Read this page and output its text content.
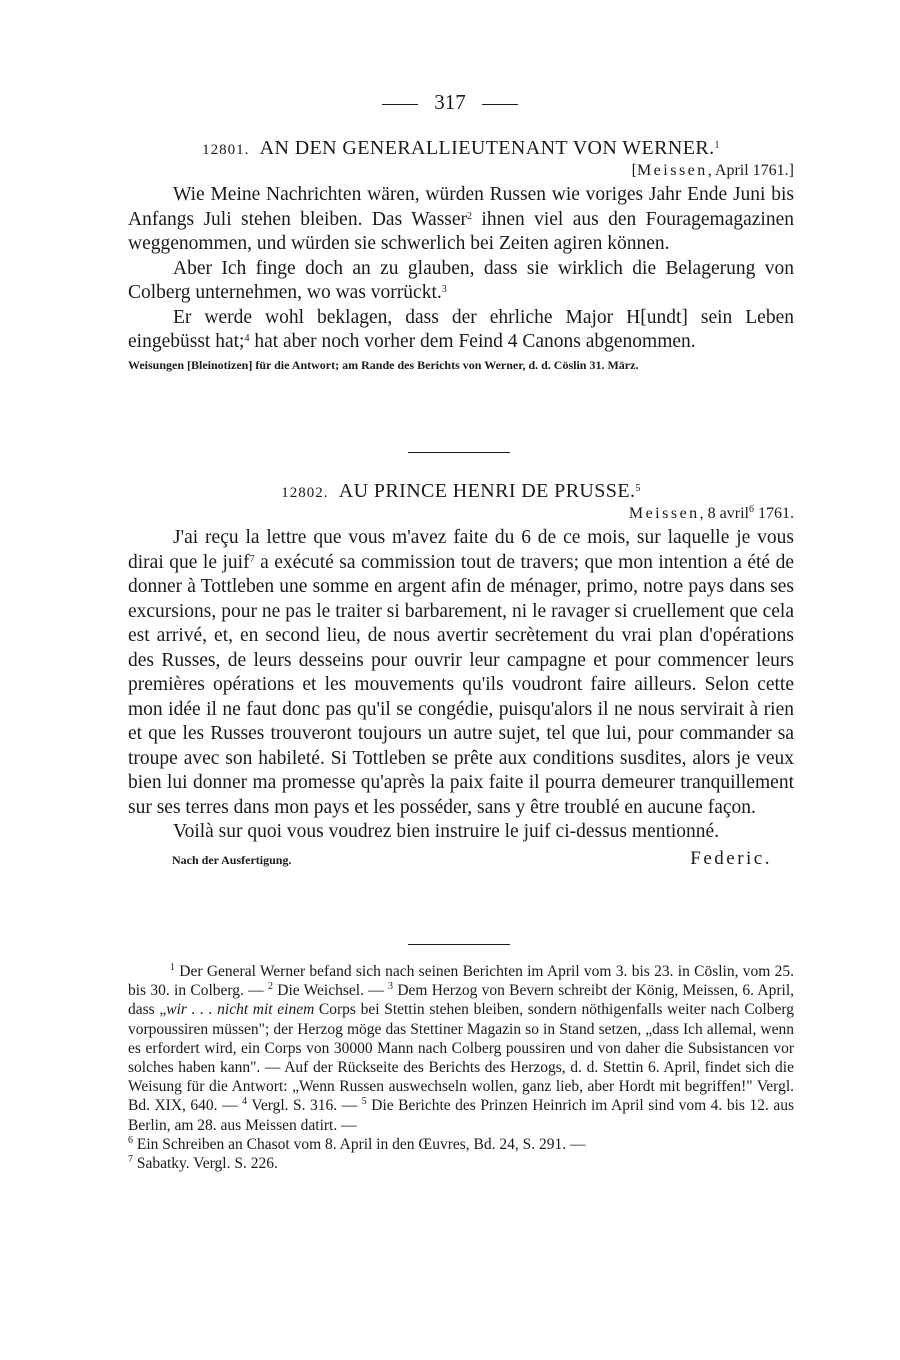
317
12801. AN DEN GENERALLIEUTENANT VON WERNER.$^1$
[Meissen, April 1761.]

Wie Meine Nachrichten wären, würden Russen wie voriges Jahr Ende Juni bis Anfangs Juli stehen bleiben. Das Wasser$^2$ ihnen viel aus den Fouragemagazinen weggenommen, und würden sie schwerlich bei Zeiten agiren können.

Aber Ich finge doch an zu glauben, dass sie wirklich die Belagerung von Colberg unternehmen, wo was vorrückt.$^3$

Er werde wohl beklagen, dass der ehrliche Major H[undt] sein Leben eingebüsst hat;$^4$ hat aber noch vorher dem Feind 4 Canons abgenommen.

Weisungen [Bleinotizen] für die Antwort; am Rande des Berichts von Werner, d. d. Cöslin 31. März.
12802. AU PRINCE HENRI DE PRUSSE.$^5$
Meissen, 8 avril$^6$ 1761.

J'ai reçu la lettre que vous m'avez faite du 6 de ce mois, sur laquelle je vous dirai que le juif$^7$ a exécuté sa commission tout de travers; que mon intention a été de donner à Tottleben une somme en argent afin de ménager, primo, notre pays dans ses excursions, pour ne pas le traiter si barbarement, ni le ravager si cruellement que cela est arrivé, et, en second lieu, de nous avertir secrètement du vrai plan d'opérations des Russes, de leurs desseins pour ouvrir leur campagne et pour commencer leurs premières opérations et les mouvements qu'ils voudront faire ailleurs. Selon cette mon idée il ne faut donc pas qu'il se congédie, puisqu'alors il ne nous servirait à rien et que les Russes trouveront toujours un autre sujet, tel que lui, pour commander sa troupe avec son habileté. Si Tottleben se prête aux conditions susdites, alors je veux bien lui donner ma promesse qu'après la paix faite il pourra demeurer tranquillement sur ses terres dans mon pays et les posséder, sans y être troublé en aucune façon.

Voilà sur quoi vous voudrez bien instruire le juif ci-dessus mentionné.

Nach der Ausfertigung.	Federic.
$^1$ Der General Werner befand sich nach seinen Berichten im April vom 3. bis 23. in Cöslin, vom 25. bis 30. in Colberg. — $^2$ Die Weichsel. — $^3$ Dem Herzog von Bevern schreibt der König, Meissen, 6. April, dass „wir . . . nicht mit einem Corps bei Stettin stehen bleiben, sondern nöthigenfalls weiter nach Colberg vorpoussiren müssen"; der Herzog möge das Stettiner Magazin so in Stand setzen, „dass Ich allemal, wenn es erfordert wird, ein Corps von 30000 Mann nach Colberg poussiren und von daher die Subsistancen vor solches haben kann". — Auf der Rückseite des Berichts des Herzogs, d. d. Stettin 6. April, findet sich die Weisung für die Antwort: „Wenn Russen auswechseln wollen, ganz lieb, aber Hordt mit begriffen!" Vergl. Bd. XIX, 640. — $^4$ Vergl. S. 316. — $^5$ Die Berichte des Prinzen Heinrich im April sind vom 4. bis 12. aus Berlin, am 28. aus Meissen datirt. —
$^6$ Ein Schreiben an Chasot vom 8. April in den Œuvres, Bd. 24, S. 291. —
$^7$ Sabatky. Vergl. S. 226.
